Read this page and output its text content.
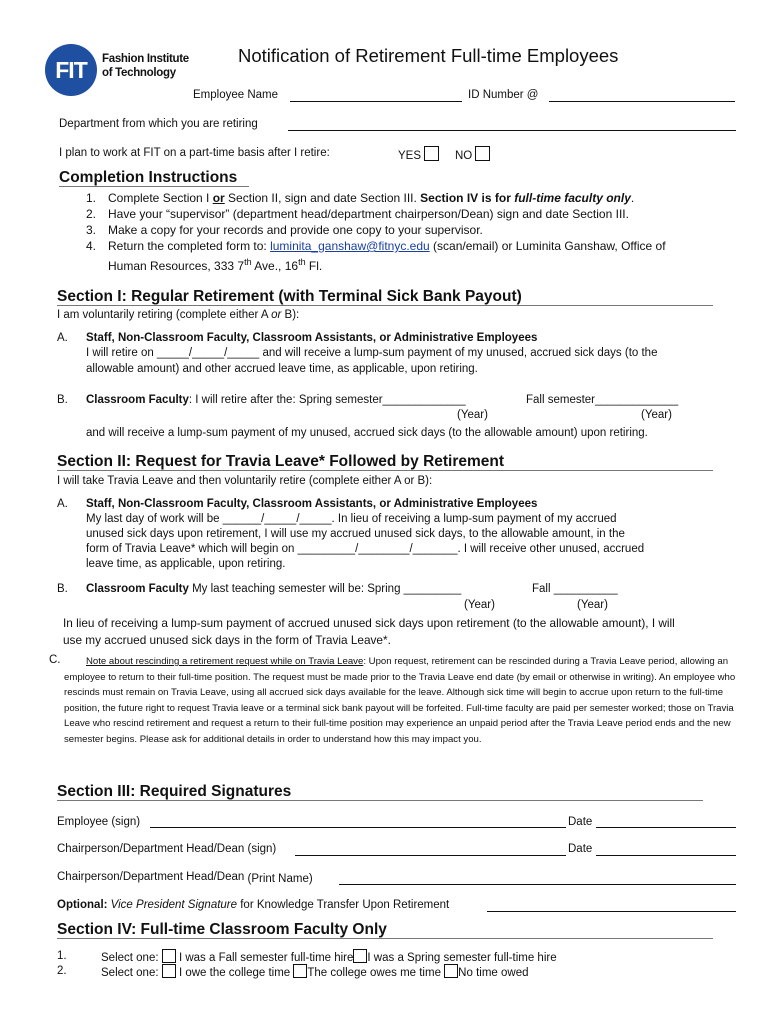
FIT	Fashion Institute
of Technology
Notification of Retirement Full-time Employees
Employee Name	ID Number @
Department from which you are retiring
I plan to work at FIT on a part-time basis after I retire:	YES	NO
Completion Instructions
1. Complete Section I or Section II, sign and date Section III. Section IV is for full-time faculty only.
2. Have your “supervisor” (department head/department chairperson/Dean) sign and date Section III.
3. Make a copy for your records and provide one copy to your supervisor.
4. Return the completed form to: luminita_ganshaw@fitnyc.edu (scan/email) or Luminita Ganshaw, Office of
Human Resources, 333 7th Ave., 16th Fl.
Section I: Regular Retirement (with Terminal Sick Bank Payout)
I am voluntarily retiring (complete either A or B):
A. Staff, Non-Classroom Faculty, Classroom Assistants, or Administrative Employees
I will retire on _____/_____/_____ and will receive a lump-sum payment of my unused, accrued sick days (to the
allowable amount) and other accrued leave time, as applicable, upon retiring.
B. Classroom Faculty: I will retire after the: Spring semester_____________	Fall semester_____________
(Year)	(Year)
and will receive a lump-sum payment of my unused, accrued sick days (to the allowable amount) upon retiring.
Section II: Request for Travia Leave* Followed by Retirement
I will take Travia Leave and then voluntarily retire (complete either A or B):
A. Staff, Non-Classroom Faculty, Classroom Assistants, or Administrative Employees
My last day of work will be ______/_____/_____. In lieu of receiving a lump-sum payment of my accrued
unused sick days upon retirement, I will use my accrued unused sick days, to the allowable amount, in the
form of Travia Leave* which will begin on _________/________/_______. I will receive other unused, accrued
leave time, as applicable, upon retiring.
B. Classroom Faculty My last teaching semester will be: Spring _________	Fall __________
(Year)	(Year)
In lieu of receiving a lump-sum payment of accrued unused sick days upon retirement (to the allowable amount), I will
use my accrued unused sick days in the form of Travia Leave*.
C.	Note about rescinding a retirement request while on Travia Leave: Upon request, retirement can be rescinded during a Travia Leave period, allowing an employee to return to their full-time position. The request must be made prior to the Travia Leave end date (by email or otherwise in writing). An employee who rescinds must remain on Travia Leave, using all accrued sick days available for the leave. Although sick time will begin to accrue upon return to the full-time position, the future right to request Travia leave or a terminal sick bank payout will be forfeited. Full-time faculty are paid per semester worked; those on Travia Leave who rescind retirement and request a return to their full-time position may experience an unpaid period after the Travia Leave period ends and the new semester begins. Please ask for additional details in order to understand how this may impact you.
Section III: Required Signatures
Employee (sign)	Date
Chairperson/Department Head/Dean (sign)	Date
Chairperson/Department Head/Dean (Print Name)
Optional: Vice President Signature for Knowledge Transfer Upon Retirement
Section IV: Full-time Classroom Faculty Only
1.	Select one:  I was a Fall semester full-time hire I was a Spring semester full-time hire
2.	Select one:  I owe the college time The college owes me time No time owed
